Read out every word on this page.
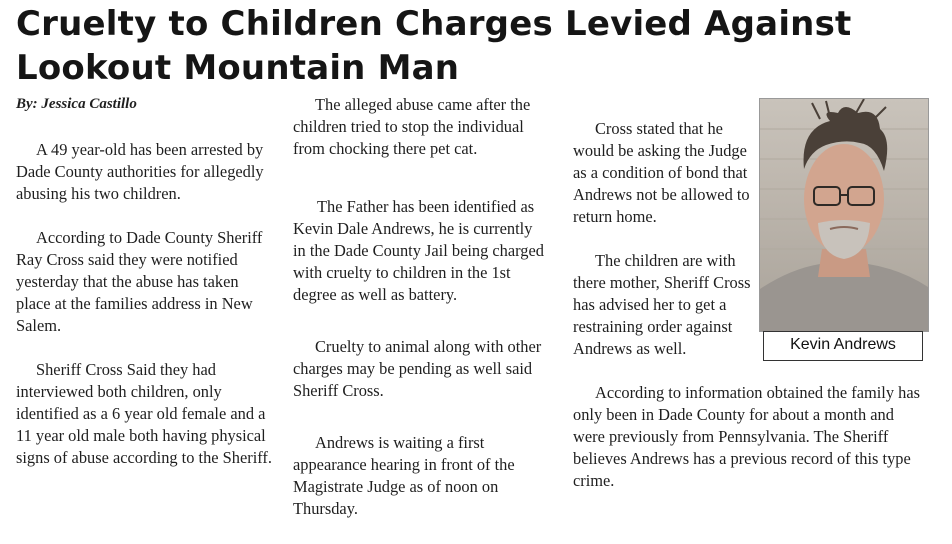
Cruelty to Children Charges Levied Against Lookout Mountain Man

By: Jessica Castillo

A 49 year-old has been arrested by Dade County authorities for allegedly abusing his two children.

According to Dade County Sheriff Ray Cross said they were notified yesterday that the abuse has taken place at the families address in New Salem.

Sheriff Cross Said they had interviewed both children, only identified as a 6 year old female and a 11 year old male both having physical signs of abuse according to the Sheriff.

The alleged abuse came after the children tried to stop the individual from chocking there pet cat.

The Father has been identified as Kevin Dale Andrews, he is currently in the Dade County Jail being charged with cruelty to children in the 1st degree as well as battery.

Cruelty to animal along with other charges may be pending as well said Sheriff Cross.

Andrews is waiting a first appearance hearing in front of the Magistrate Judge as of noon on Thursday.

Cross stated that he would be asking the Judge as a condition of bond that Andrews not be allowed to return home.

The children are with there mother, Sheriff Cross has advised her to get a restraining order against Andrews as well.

According to information obtained the family has only been in Dade County for about a month and were previously from Pennsylvania. The Sheriff believes Andrews has a previous record of this type crime.

Kevin Andrews
